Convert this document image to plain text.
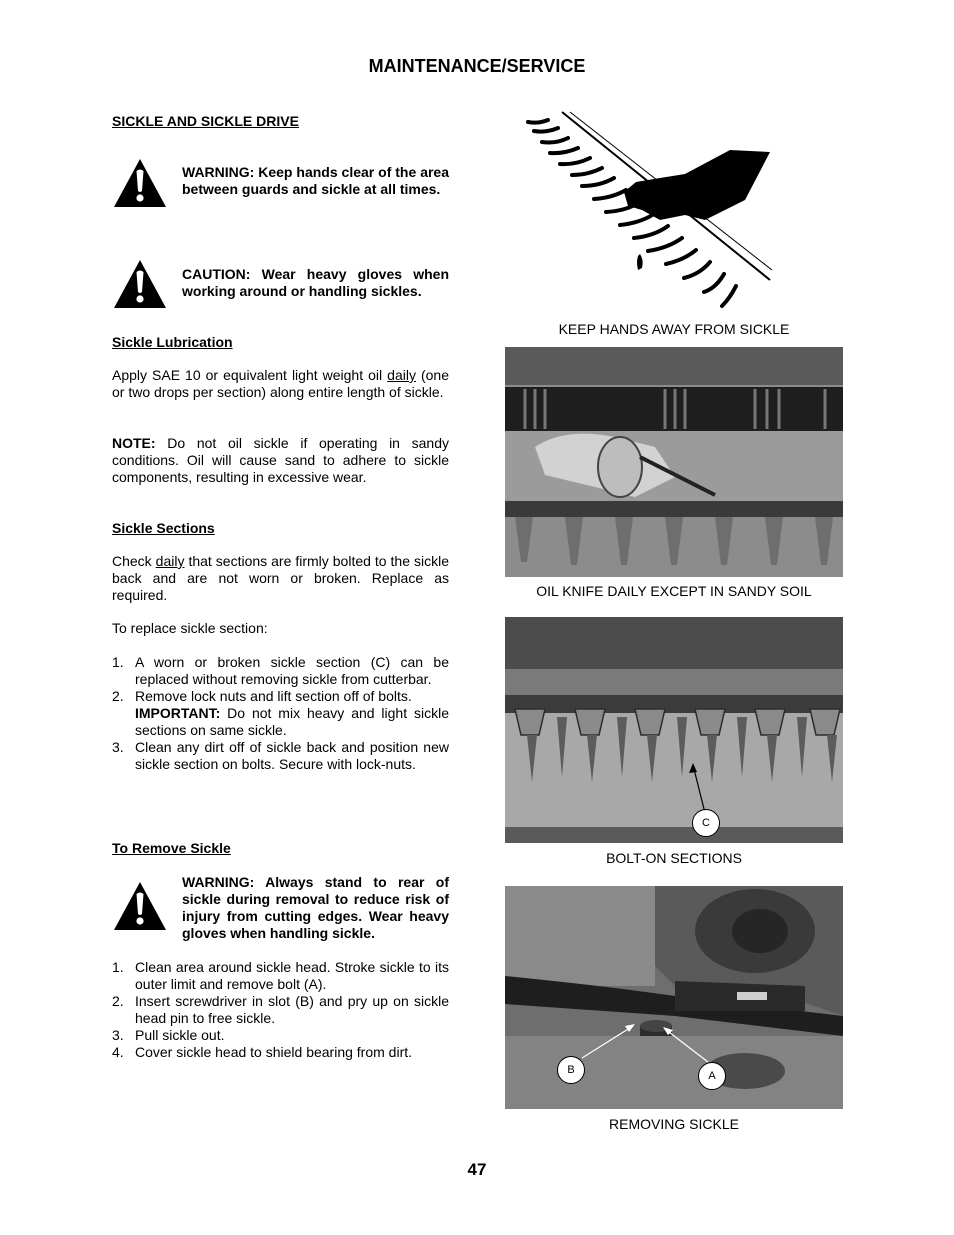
MAINTENANCE/SERVICE
SICKLE AND SICKLE DRIVE
WARNING: Keep hands clear of the area between guards and sickle at all times.
CAUTION: Wear heavy gloves when working around or handling sickles.
Sickle Lubrication
Apply SAE 10 or equivalent light weight oil daily (one or two drops per section) along entire length of sickle.
NOTE: Do not oil sickle if operating in sandy conditions. Oil will cause sand to adhere to sickle components, resulting in excessive wear.
Sickle Sections
Check daily that sections are firmly bolted to the sickle back and are not worn or broken. Replace as required.
To replace sickle section:
1. A worn or broken sickle section (C) can be replaced without removing sickle from cutterbar.
2. Remove lock nuts and lift section off of bolts.
IMPORTANT: Do not mix heavy and light sickle sections on same sickle.
3. Clean any dirt off of sickle back and position new sickle section on bolts. Secure with lock-nuts.
To Remove Sickle
WARNING: Always stand to rear of sickle during removal to reduce risk of injury from cutting edges. Wear heavy gloves when handling sickle.
1. Clean area around sickle head. Stroke sickle to its outer limit and remove bolt (A).
2. Insert screwdriver in slot (B) and pry up on sickle head pin to free sickle.
3. Pull sickle out.
4. Cover sickle head to shield bearing from dirt.
KEEP HANDS AWAY FROM SICKLE
OIL KNIFE DAILY EXCEPT IN SANDY SOIL
C
BOLT-ON SECTIONS
B	A
REMOVING SICKLE
47
